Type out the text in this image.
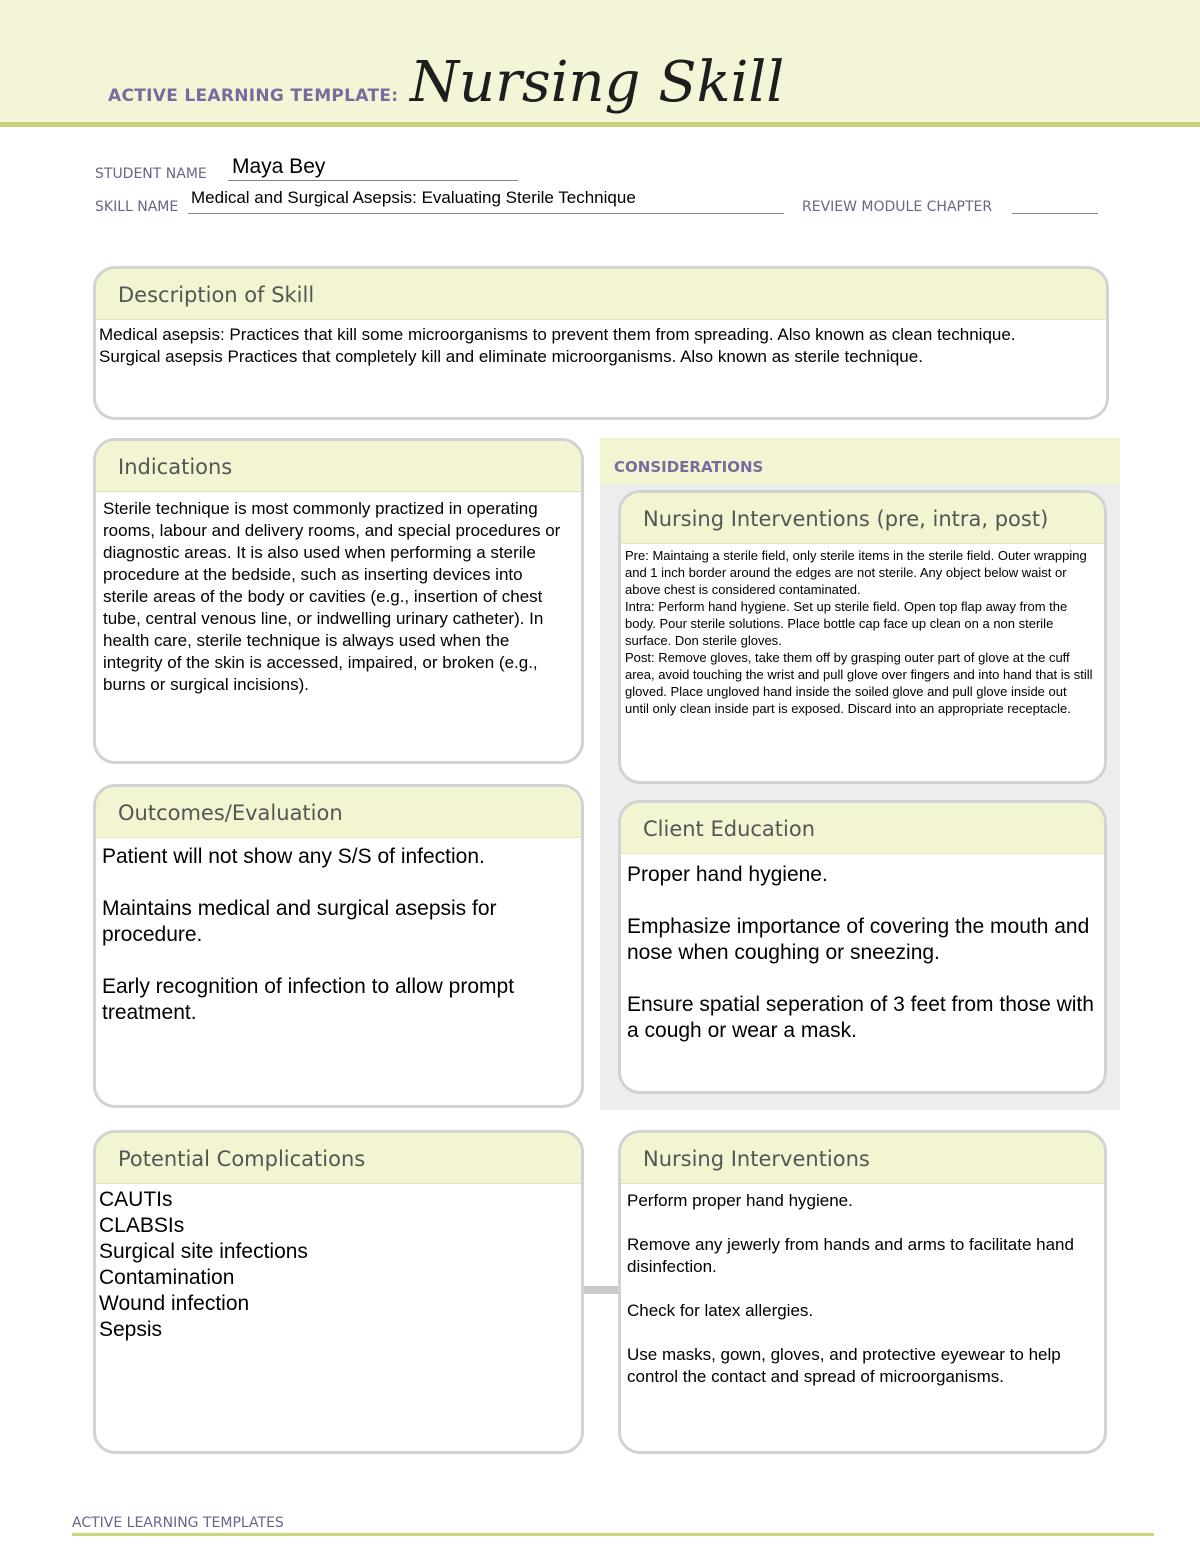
ACTIVE LEARNING TEMPLATE: Nursing Skill
STUDENT NAME Maya Bey
SKILL NAME Medical and Surgical Asepsis: Evaluating Sterile Technique	REVIEW MODULE CHAPTER
Description of Skill

Medical asepsis: Practices that kill some microorganisms to prevent them from spreading. Also known as clean technique.

Surgical asepsis Practices that completely kill and eliminate microorganisms. Also known as sterile technique.

Indications
Sterile technique is most commonly practized in operating rooms, labour and delivery rooms, and special procedures or diagnostic areas. It is also used when performing a sterile procedure at the bedside, such as inserting devices into sterile areas of the body or cavities (e.g., insertion of chest tube, central venous line, or indwelling urinary catheter). In health care, sterile technique is always used when the integrity of the skin is accessed, impaired, or broken (e.g., burns or surgical incisions).
CONSIDERATIONS
Nursing Interventions (pre, intra, post)

Pre: Maintaing a sterile field, only sterile items in the sterile field. Outer wrapping and 1 inch border around the edges are not sterile. Any object below waist or above chest is considered contaminated.

Intra: Perform hand hygiene. Set up sterile field. Open top flap away from the body. Pour sterile solutions. Place bottle cap face up clean on a non sterile surface. Don sterile gloves.

Post: Remove gloves, take them off by grasping outer part of glove at the cuff area, avoid touching the wrist and pull glove over fingers and into hand that is still gloved. Place ungloved hand inside the soiled glove and pull glove inside out until only clean inside part is exposed. Discard into an appropriate receptacle.

Outcomes/Evaluation

Patient will not show any S/S of infection.

Maintains medical and surgical asepsis for procedure.

Early recognition of infection to allow prompt treatment.

Client Education

Proper hand hygiene.

Emphasize importance of covering the mouth and nose when coughing or sneezing.

Ensure spatial seperation of 3 feet from those with a cough or wear a mask.

Potential Complications

CAUTIs

CLABSIs

Surgical site infections

Contamination

Wound infection

Sepsis

Nursing Interventions

Perform proper hand hygiene.

Remove any jewerly from hands and arms to facilitate hand disinfection.

Check for latex allergies.

Use masks, gown, gloves, and protective eyewear to help control the contact and spread of microorganisms.

ACTIVE LEARNING TEMPLATES
